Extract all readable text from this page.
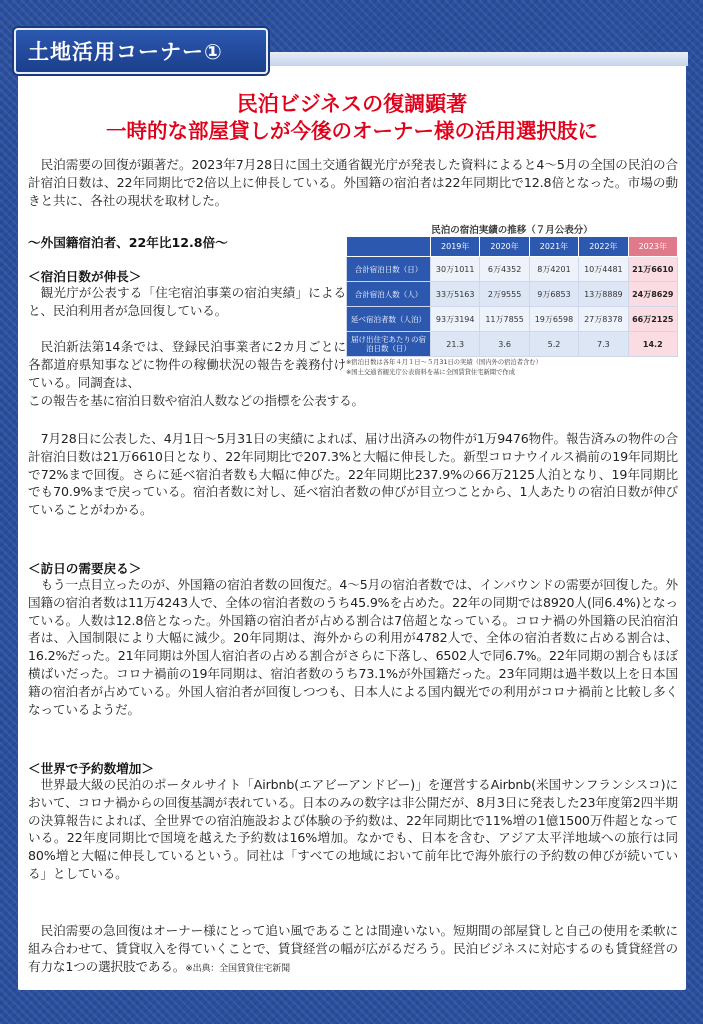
土地活用コーナー①
民泊ビジネスの復調顕著
一時的な部屋貸しが今後のオーナー様の活用選択肢に
民泊需要の回復が顕著だ。2023年7月28日に国土交通省観光庁が発表した資料によると4～5月の全国の民泊の合計宿泊日数は、22年同期比で2倍以上に伸長している。外国籍の宿泊者は22年同期比で12.8倍となった。市場の動きと共に、各社の現状を取材した。
～外国籍宿泊者、22年比12.8倍～
＜宿泊日数が伸長＞
観光庁が公表する「住宅宿泊事業の宿泊実績」によると、民泊利用者が急回復している。
民泊新法第14条では、登録民泊事業者に2カ月ごとに各都道府県知事などに物件の稼働状況の報告を義務付けている。同調査は、
この報告を基に宿泊日数や宿泊人数などの指標を公表する。
民泊の宿泊実績の推移（７月公表分）
	2019年	2020年	2021年	2022年	2023年
合計宿泊日数（日）	30万1011	6万4352	8万4201	10万4481	21万6610
合計宿泊人数（人）	33万5163	2万9555	9万6853	13万8889	24万8629
延べ宿泊者数（人泊）	93万3194	11万7855	19万6598	27万8378	66万2125
届け出住宅あたりの宿泊日数（日）	21.3	3.6	5.2	7.3	14.2
※宿泊日数は各年４月１日～５月31日の実績（国内外の宿泊者含む）
※国土交通省観光庁公表資料を基に全国賃貸住宅新聞で作成
7月28日に公表した、4月1日～5月31日の実績によれば、届け出済みの物件が1万9476物件。報告済みの物件の合計宿泊日数は21万6610日となり、22年同期比で207.3%と大幅に伸長した。新型コロナウイルス禍前の19年同期比で72%まで回復。さらに延べ宿泊者数も大幅に伸びた。22年同期比237.9%の66万2125人泊となり、19年同期比でも70.9%まで戻っている。宿泊者数に対し、延べ宿泊者数の伸びが目立つことから、1人あたりの宿泊日数が伸びていることがわかる。
＜訪日の需要戻る＞
もう一点目立ったのが、外国籍の宿泊者数の回復だ。4～5月の宿泊者数では、インバウンドの需要が回復した。外国籍の宿泊者数は11万4243人で、全体の宿泊者数のうち45.9%を占めた。22年の同期では8920人(同6.4%)となっている。人数は12.8倍となった。外国籍の宿泊者が占める割合は7倍超となっている。コロナ禍の外国籍の民泊宿泊者は、入国制限により大幅に減少。20年同期は、海外からの利用が4782人で、全体の宿泊者数に占める割合は、16.2%だった。21年同期は外国人宿泊者の占める割合がさらに下落し、6502人で同6.7%。22年同期の割合もほぼ横ばいだった。コロナ禍前の19年同期は、宿泊者数のうち73.1%が外国籍だった。23年同期は過半数以上を日本国籍の宿泊者が占めている。外国人宿泊者が回復しつつも、日本人による国内観光での利用がコロナ禍前と比較し多くなっているようだ。
＜世界で予約数増加＞
世界最大級の民泊のポータルサイト「Airbnb(エアビーアンドビー)」を運営するAirbnb(米国サンフランシスコ)において、コロナ禍からの回復基調が表れている。日本のみの数字は非公開だが、8月3日に発表した23年度第2四半期の決算報告によれば、全世界での宿泊施設および体験の予約数は、22年同期比で11%増の1億1500万件超となっている。22年度同期比で国境を越えた予約数は16%増加。なかでも、日本を含む、アジア太平洋地域への旅行は同80%増と大幅に伸長しているという。同社は「すべての地域において前年比で海外旅行の予約数の伸びが続いている」としている。
民泊需要の急回復はオーナー様にとって追い風であることは間違いない。短期間の部屋貸しと自己の使用を柔軟に組み合わせて、賃貸収入を得ていくことで、賃貸経営の幅が広がるだろう。民泊ビジネスに対応するのも賃貸経営の有力な1つの選択肢である。※出典：全国賃貸住宅新聞
